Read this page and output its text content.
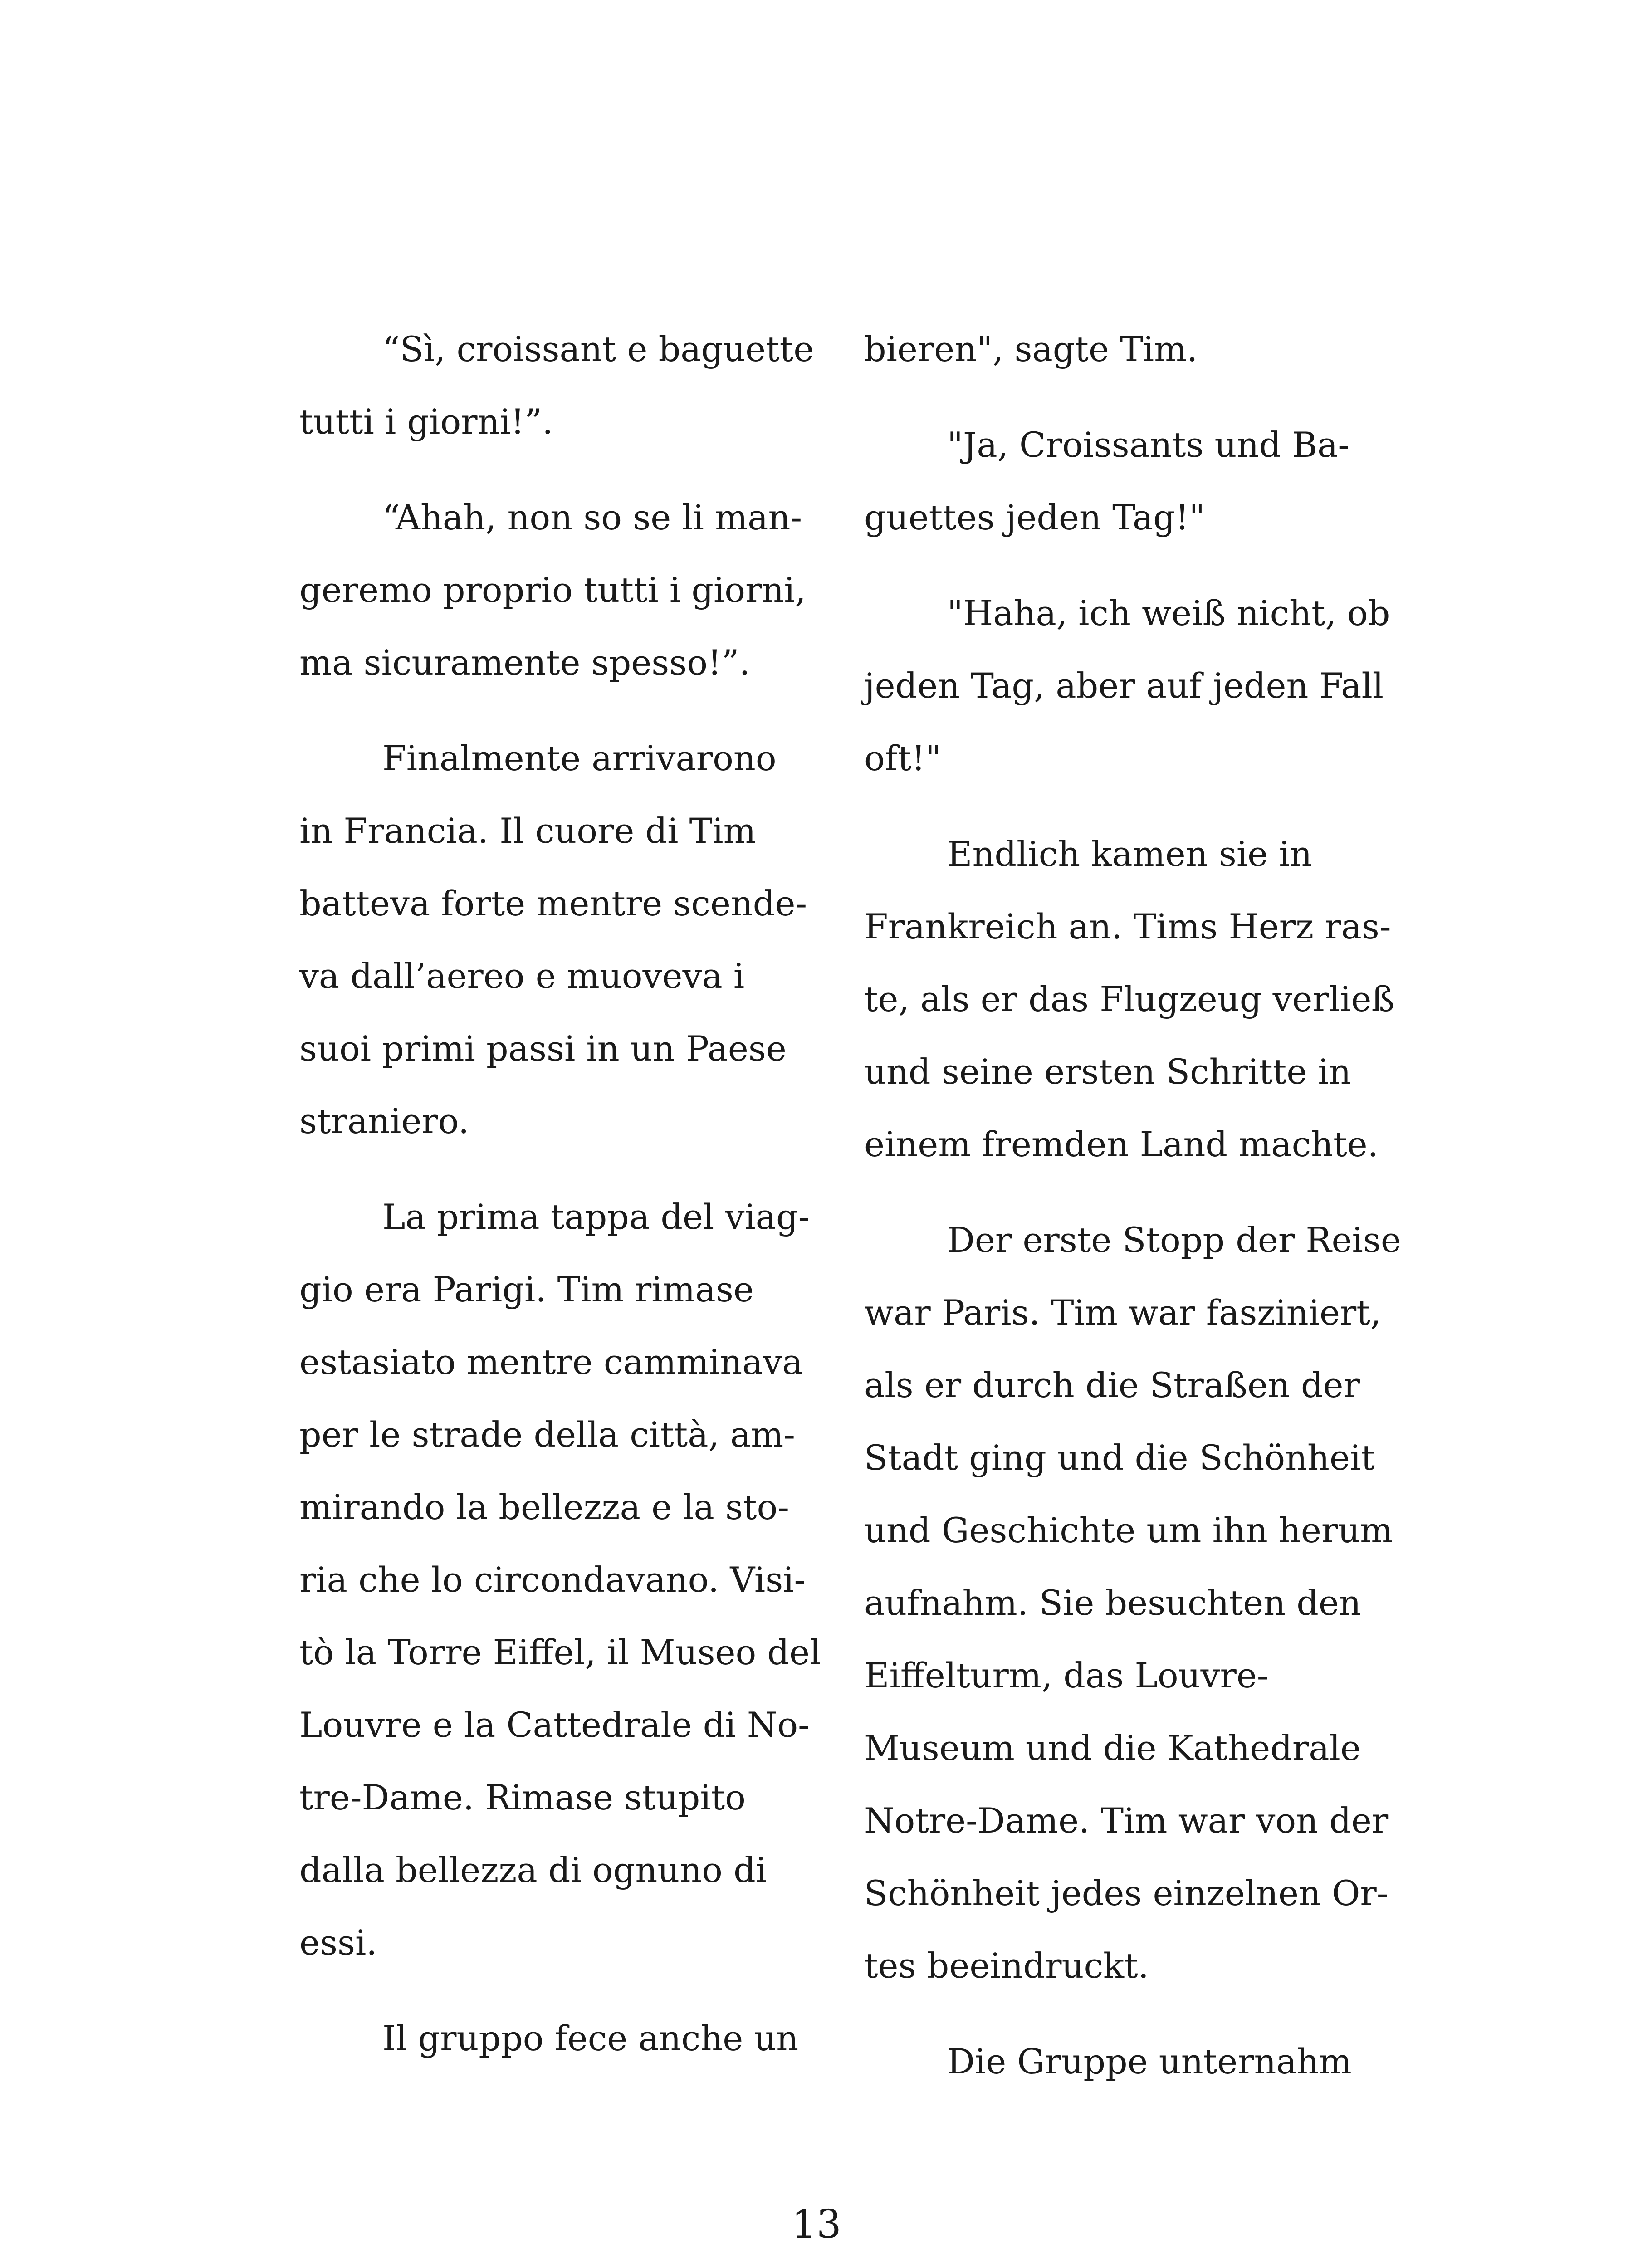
“Sì, croissant e baguette
tutti i giorni!”.
“Ahah, non so se li man-
geremo proprio tutti i giorni,
ma sicuramente spesso!”.
Finalmente arrivarono
in Francia. Il cuore di Tim
batteva forte mentre scende-
va dall’aereo e muoveva i
suoi primi passi in un Paese
straniero.
La prima tappa del viag-
gio era Parigi. Tim rimase
estasiato mentre camminava
per le strade della città, am-
mirando la bellezza e la sto-
ria che lo circondavano. Visi-
tò la Torre Eiffel, il Museo del
Louvre e la Cattedrale di No-
tre-Dame. Rimase stupito
dalla bellezza di ognuno di
essi.
Il gruppo fece anche un
bieren", sagte Tim.
"Ja, Croissants und Ba-
guettes jeden Tag!"
"Haha, ich weiß nicht, ob
jeden Tag, aber auf jeden Fall
oft!"
Endlich kamen sie in
Frankreich an. Tims Herz ras-
te, als er das Flugzeug verließ
und seine ersten Schritte in
einem fremden Land machte.
Der erste Stopp der Reise
war Paris. Tim war fasziniert,
als er durch die Straßen der
Stadt ging und die Schönheit
und Geschichte um ihn herum
aufnahm. Sie besuchten den
Eiffelturm, das Louvre-
Museum und die Kathedrale
Notre-Dame. Tim war von der
Schönheit jedes einzelnen Or-
tes beeindruckt.
Die Gruppe unternahm
13
